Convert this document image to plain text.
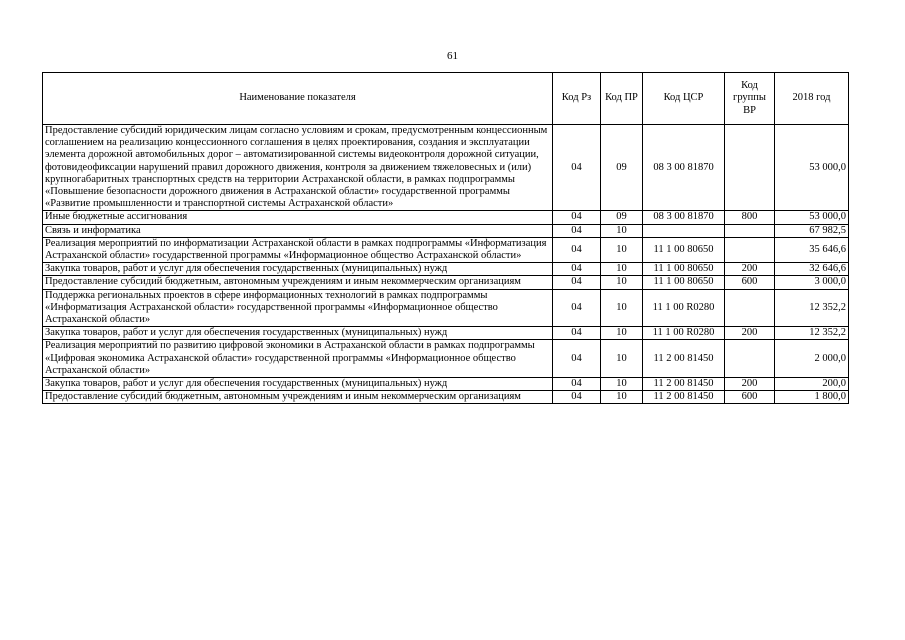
61
Наименование показателя	Код Рз	Код ПР	Код ЦСР	Код группы ВР	2018 год
Предоставление субсидий юридическим лицам согласно условиям и срокам, предусмотренным концессионным соглашением на реализацию концессионного соглашения в целях проектирования, создания и эксплуатации элемента дорожной автомобильных дорог – автоматизированной системы видеоконтроля дорожной ситуации, фотовидеофиксации нарушений правил дорожного движения, контроля за движением тяжеловесных и (или) крупногабаритных транспортных средств на территории Астраханской области, в рамках подпрограммы «Повышение безопасности дорожного движения в Астраханской области» государственной программы «Развитие промышленности и транспортной системы Астраханской области»	04	09	08 3 00 81870		53 000,0
Иные бюджетные ассигнования	04	09	08 3 00 81870	800	53 000,0
Связь и информатика	04	10			67 982,5
Реализация мероприятий по информатизации Астраханской области в рамках подпрограммы «Информатизация Астраханской области» государственной программы «Информационное общество Астраханской области»	04	10	11 1 00 80650		35 646,6
Закупка товаров, работ и услуг для обеспечения государственных (муниципальных) нужд	04	10	11 1 00 80650	200	32 646,6
Предоставление субсидий бюджетным, автономным учреждениям и иным некоммерческим организациям	04	10	11 1 00 80650	600	3 000,0
Поддержка региональных проектов в сфере информационных технологий в рамках подпрограммы «Информатизация Астраханской области» государственной программы «Информационное общество Астраханской области»	04	10	11 1 00 R0280		12 352,2
Закупка товаров, работ и услуг для обеспечения государственных (муниципальных) нужд	04	10	11 1 00 R0280	200	12 352,2
Реализация мероприятий по развитию цифровой экономики в Астраханской области в рамках подпрограммы «Цифровая экономика Астраханской области» государственной программы «Информационное общество Астраханской области»	04	10	11 2 00 81450		2 000,0
Закупка товаров, работ и услуг для обеспечения государственных (муниципальных) нужд	04	10	11 2 00 81450	200	200,0
Предоставление субсидий бюджетным, автономным учреждениям и иным некоммерческим организациям	04	10	11 2 00 81450	600	1 800,0
